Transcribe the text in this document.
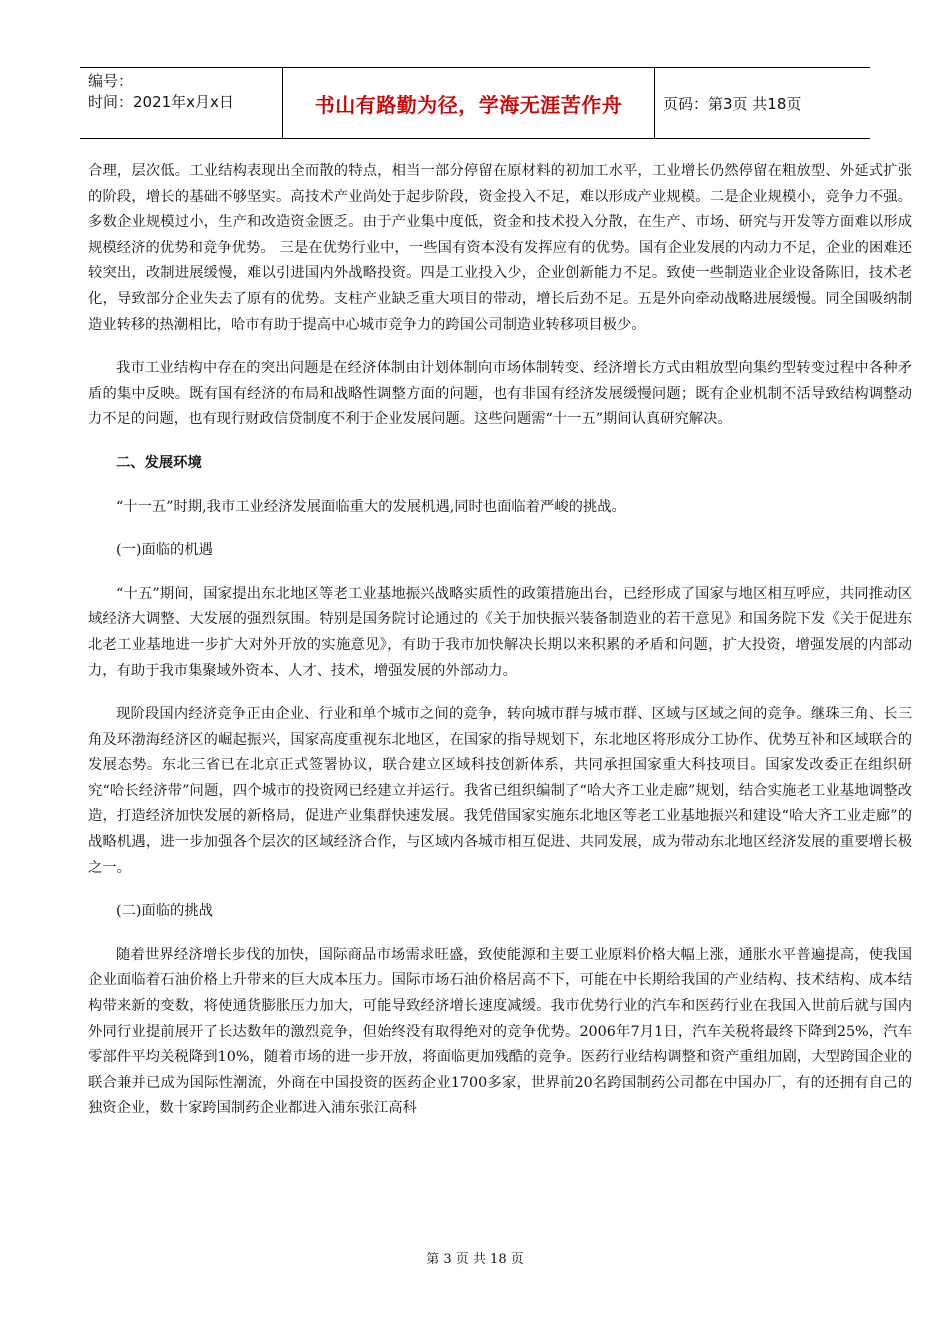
编号：
时间：2021年x月x日	书山有路勤为径，学海无涯苦作舟	页码：第3页 共18页

合理，层次低。工业结构表现出全而散的特点，相当一部分停留在原材料的初加工水平，工业增长仍然停留在粗放型、外延式扩张的阶段，增长的基础不够坚实。高技术产业尚处于起步阶段，资金投入不足，难以形成产业规模。二是企业规模小，竞争力不强。多数企业规模过小，生产和改造资金匮乏。由于产业集中度低，资金和技术投入分散，在生产、市场、研究与开发等方面难以形成规模经济的优势和竞争优势。 三是在优势行业中，一些国有资本没有发挥应有的优势。国有企业发展的内动力不足，企业的困难还较突出，改制进展缓慢，难以引进国内外战略投资。四是工业投入少，企业创新能力不足。致使一些制造业企业设备陈旧，技术老化，导致部分企业失去了原有的优势。支柱产业缺乏重大项目的带动，增长后劲不足。五是外向牵动战略进展缓慢。同全国吸纳制造业转移的热潮相比，哈市有助于提高中心城市竞争力的跨国公司制造业转移项目极少。

我市工业结构中存在的突出问题是在经济体制由计划体制向市场体制转变、经济增长方式由粗放型向集约型转变过程中各种矛盾的集中反映。既有国有经济的布局和战略性调整方面的问题，也有非国有经济发展缓慢问题；既有企业机制不活导致结构调整动力不足的问题，也有现行财政信贷制度不利于企业发展问题。这些问题需“十一五”期间认真研究解决。

二、发展环境

“十一五”时期,我市工业经济发展面临重大的发展机遇,同时也面临着严峻的挑战。

(一)面临的机遇

“十五”期间，国家提出东北地区等老工业基地振兴战略实质性的政策措施出台，已经形成了国家与地区相互呼应，共同推动区域经济大调整、大发展的强烈氛围。特别是国务院讨论通过的《关于加快振兴装备制造业的若干意见》和国务院下发《关于促进东北老工业基地进一步扩大对外开放的实施意见》，有助于我市加快解决长期以来积累的矛盾和问题，扩大投资，增强发展的内部动力，有助于我市集聚域外资本、人才、技术，增强发展的外部动力。

现阶段国内经济竞争正由企业、行业和单个城市之间的竞争，转向城市群与城市群、区域与区域之间的竞争。继珠三角、长三角及环渤海经济区的崛起振兴，国家高度重视东北地区，在国家的指导规划下，东北地区将形成分工协作、优势互补和区域联合的发展态势。东北三省已在北京正式签署协议，联合建立区域科技创新体系，共同承担国家重大科技项目。国家发改委正在组织研究“哈长经济带”问题，四个城市的投资网已经建立并运行。我省已组织编制了“哈大齐工业走廊”规划，结合实施老工业基地调整改造，打造经济加快发展的新格局，促进产业集群快速发展。我凭借国家实施东北地区等老工业基地振兴和建设“哈大齐工业走廊”的战略机遇，进一步加强各个层次的区域经济合作，与区域内各城市相互促进、共同发展，成为带动东北地区经济发展的重要增长极之一。

(二)面临的挑战

随着世界经济增长步伐的加快，国际商品市场需求旺盛，致使能源和主要工业原料价格大幅上涨，通胀水平普遍提高，使我国企业面临着石油价格上升带来的巨大成本压力。国际市场石油价格居高不下，可能在中长期给我国的产业结构、技术结构、成本结构带来新的变数，将使通货膨胀压力加大，可能导致经济增长速度减缓。我市优势行业的汽车和医药行业在我国入世前后就与国内外同行业提前展开了长达数年的激烈竞争，但始终没有取得绝对的竞争优势。2006年7月1日，汽车关税将最终下降到25%，汽车零部件平均关税降到10%，随着市场的进一步开放，将面临更加残酷的竞争。医药行业结构调整和资产重组加剧，大型跨国企业的联合兼并已成为国际性潮流，外商在中国投资的医药企业1700多家，世界前20名跨国制药公司都在中国办厂，有的还拥有自己的独资企业，数十家跨国制药企业都进入浦东张江高科

第 3 页 共 18 页
